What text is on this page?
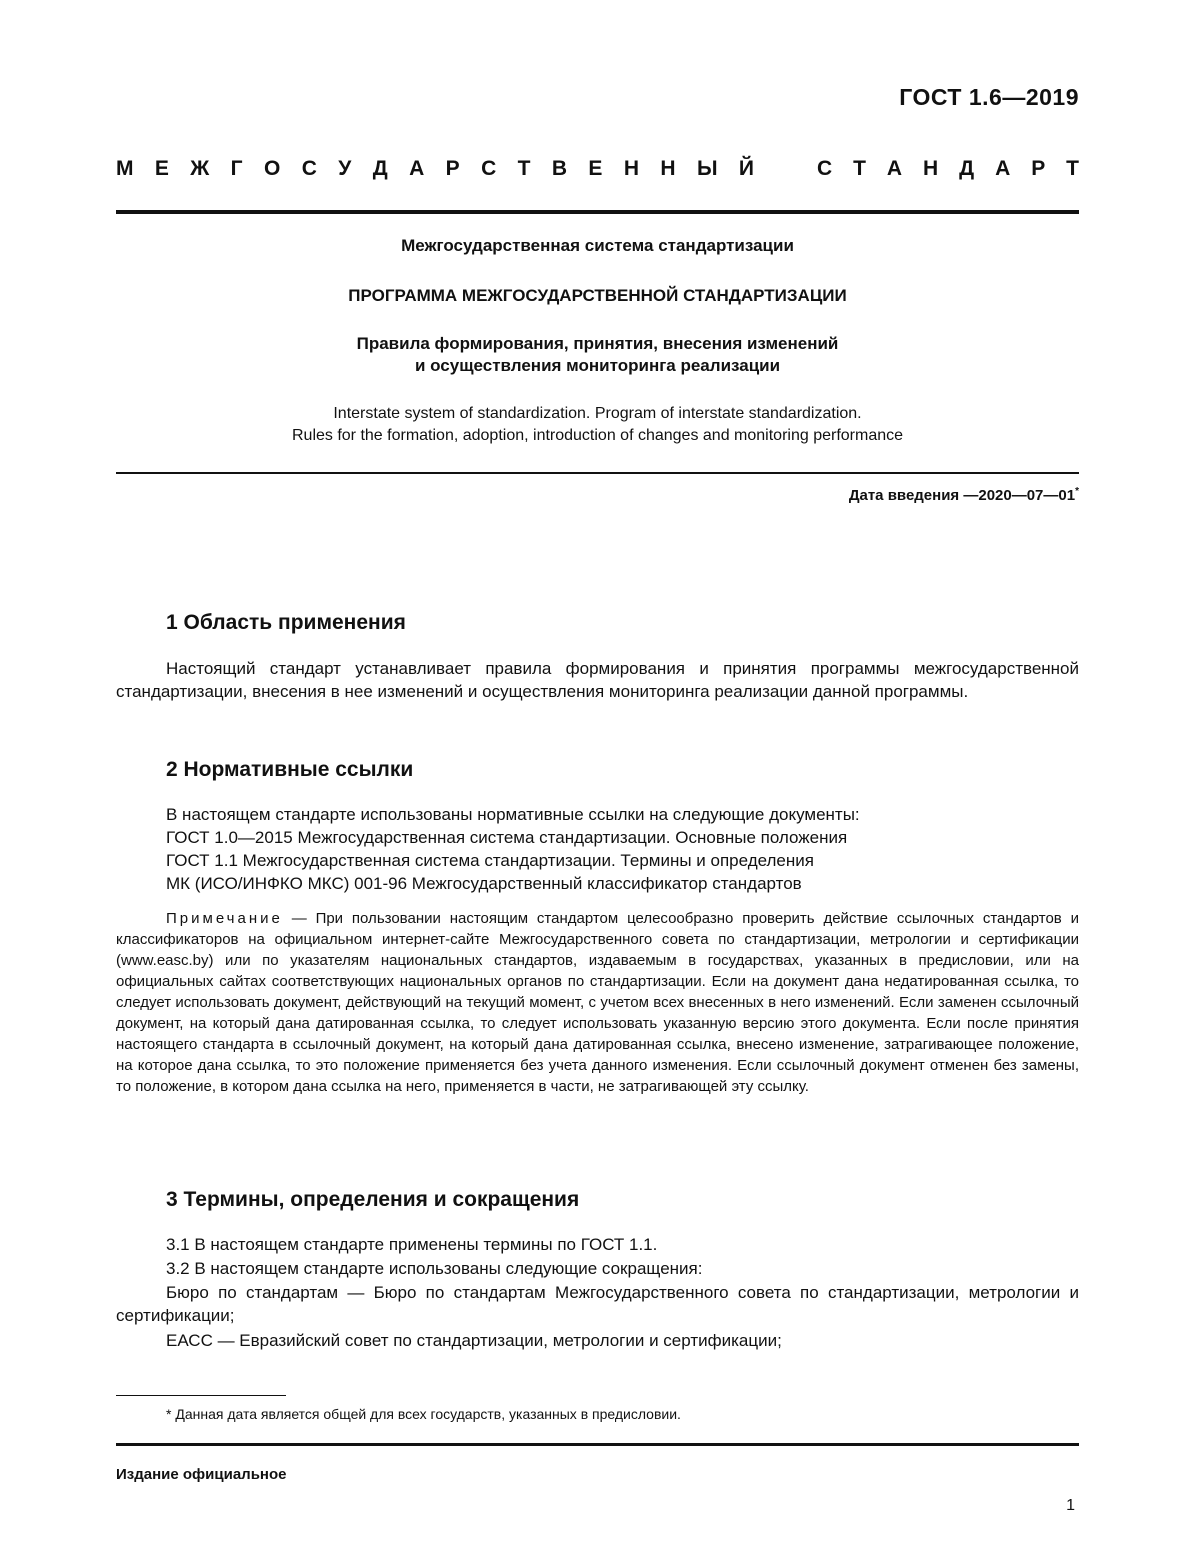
ГОСТ 1.6—2019
М Е Ж Г О С У Д А Р С Т В Е Н Н Ы Й	С Т А Н Д А Р Т
Межгосударственная система стандартизации
ПРОГРАММА МЕЖГОСУДАРСТВЕННОЙ СТАНДАРТИЗАЦИИ
Правила формирования, принятия, внесения изменений
и осуществления мониторинга реализации
Interstate system of standardization. Program of interstate standardization.
Rules for the formation, adoption, introduction of changes and monitoring performance
Дата введения —2020—07—01*
1 Область применения
Настоящий стандарт устанавливает правила формирования и принятия программы межгосударственной стандартизации, внесения в нее изменений и осуществления мониторинга реализации данной программы.
2 Нормативные ссылки
В настоящем стандарте использованы нормативные ссылки на следующие документы:
ГОСТ 1.0—2015 Межгосударственная система стандартизации. Основные положения
ГОСТ 1.1 Межгосударственная система стандартизации. Термины и определения
МК (ИСО/ИНФКО МКС) 001-96 Межгосударственный классификатор стандартов
Примечание — При пользовании настоящим стандартом целесообразно проверить действие ссылочных стандартов и классификаторов на официальном интернет-сайте Межгосударственного совета по стандартизации, метрологии и сертификации (www.easc.by) или по указателям национальных стандартов, издаваемым в государствах, указанных в предисловии, или на официальных сайтах соответствующих национальных органов по стандартизации. Если на документ дана недатированная ссылка, то следует использовать документ, действующий на текущий момент, с учетом всех внесенных в него изменений. Если заменен ссылочный документ, на который дана датированная ссылка, то следует использовать указанную версию этого документа. Если после принятия настоящего стандарта в ссылочный документ, на который дана датированная ссылка, внесено изменение, затрагивающее положение, на которое дана ссылка, то это положение применяется без учета данного изменения. Если ссылочный документ отменен без замены, то положение, в котором дана ссылка на него, применяется в части, не затрагивающей эту ссылку.
3 Термины, определения и сокращения
3.1 В настоящем стандарте применены термины по ГОСТ 1.1.
3.2 В настоящем стандарте использованы следующие сокращения:
Бюро по стандартам — Бюро по стандартам Межгосударственного совета по стандартизации, метрологии и сертификации;
ЕАСС — Евразийский совет по стандартизации, метрологии и сертификации;
* Данная дата является общей для всех государств, указанных в предисловии.
Издание официальное
1
